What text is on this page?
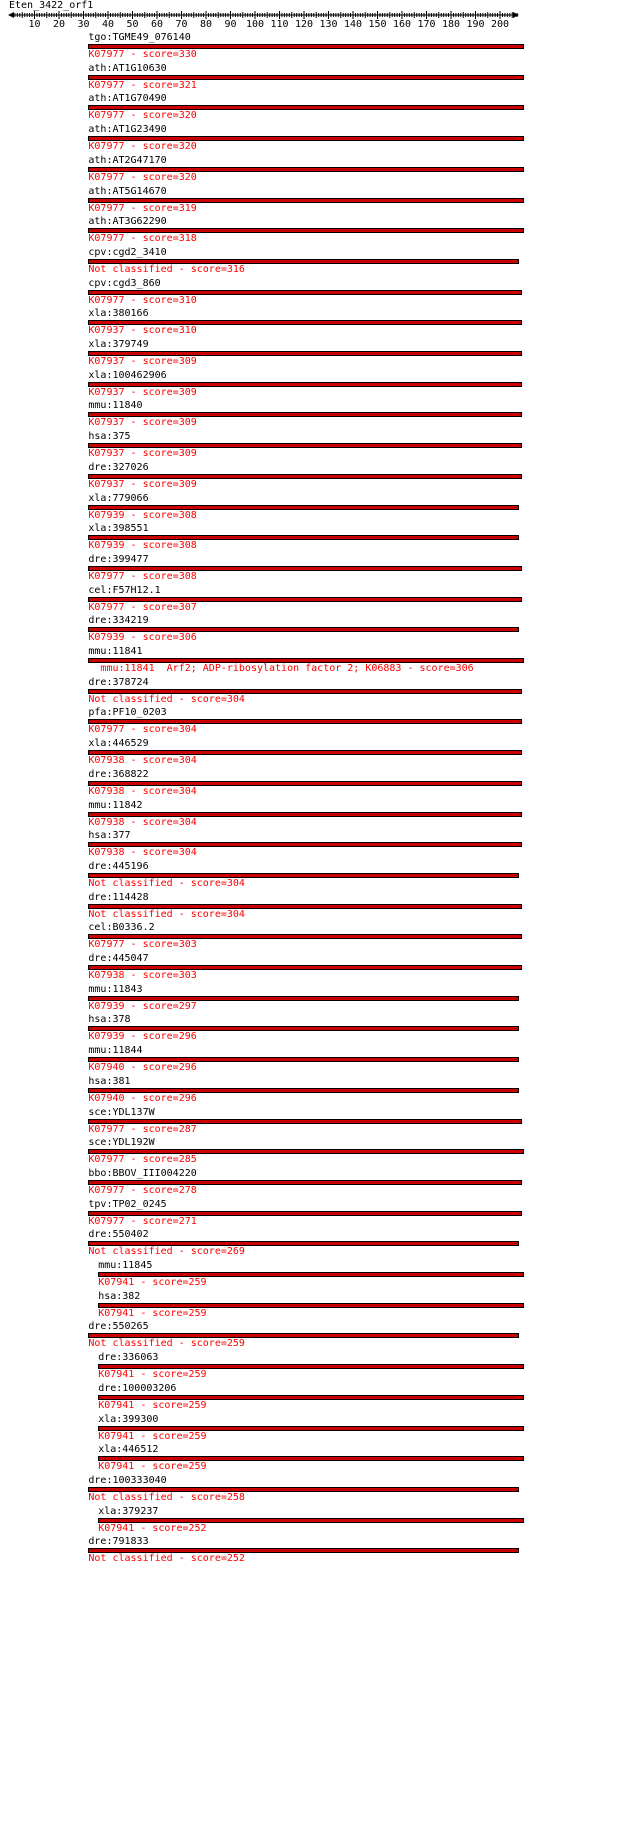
Eten_3422_orf1
10 20 30 40 50 60 70 80 90 100 110 120 130 140 150 160 170 180 190 200
tgo:TGME49_076140
K07977 - score=330
ath:AT1G10630
K07977 - score=321
ath:AT1G70490
K07977 - score=320
ath:AT1G23490
K07977 - score=320
ath:AT2G47170
K07977 - score=320
ath:AT5G14670
K07977 - score=319
ath:AT3G62290
K07977 - score=318
cpv:cgd2_3410
Not classified - score=316
cpv:cgd3_860
K07977 - score=310
xla:380166
K07937 - score=310
xla:379749
K07937 - score=309
xla:100462906
K07937 - score=309
mmu:11840
K07937 - score=309
hsa:375
K07937 - score=309
dre:327026
K07937 - score=309
xla:779066
K07939 - score=308
xla:398551
K07939 - score=308
dre:399477
K07977 - score=308
cel:F57H12.1
K07977 - score=307
dre:334219
K07939 - score=306
mmu:11841
mmu:11841  Arf2; ADP-ribosylation factor 2; K06883 - score=306
dre:378724
Not classified - score=304
pfa:PF10_0203
K07977 - score=304
xla:446529
K07938 - score=304
dre:368822
K07938 - score=304
mmu:11842
K07938 - score=304
hsa:377
K07938 - score=304
dre:445196
Not classified - score=304
dre:114428
Not classified - score=304
cel:B0336.2
K07977 - score=303
dre:445047
K07938 - score=303
mmu:11843
K07939 - score=297
hsa:378
K07939 - score=296
mmu:11844
K07940 - score=296
hsa:381
K07940 - score=296
sce:YDL137W
K07977 - score=287
sce:YDL192W
K07977 - score=285
bbo:BBOV_III004220
K07977 - score=278
tpv:TP02_0245
K07977 - score=271
dre:550402
Not classified - score=269
mmu:11845
K07941 - score=259
hsa:382
K07941 - score=259
dre:550265
Not classified - score=259
dre:336063
K07941 - score=259
dre:100003206
K07941 - score=259
xla:399300
K07941 - score=259
xla:446512
K07941 - score=259
dre:100333040
Not classified - score=258
xla:379237
K07941 - score=252
dre:791833
Not classified - score=252
